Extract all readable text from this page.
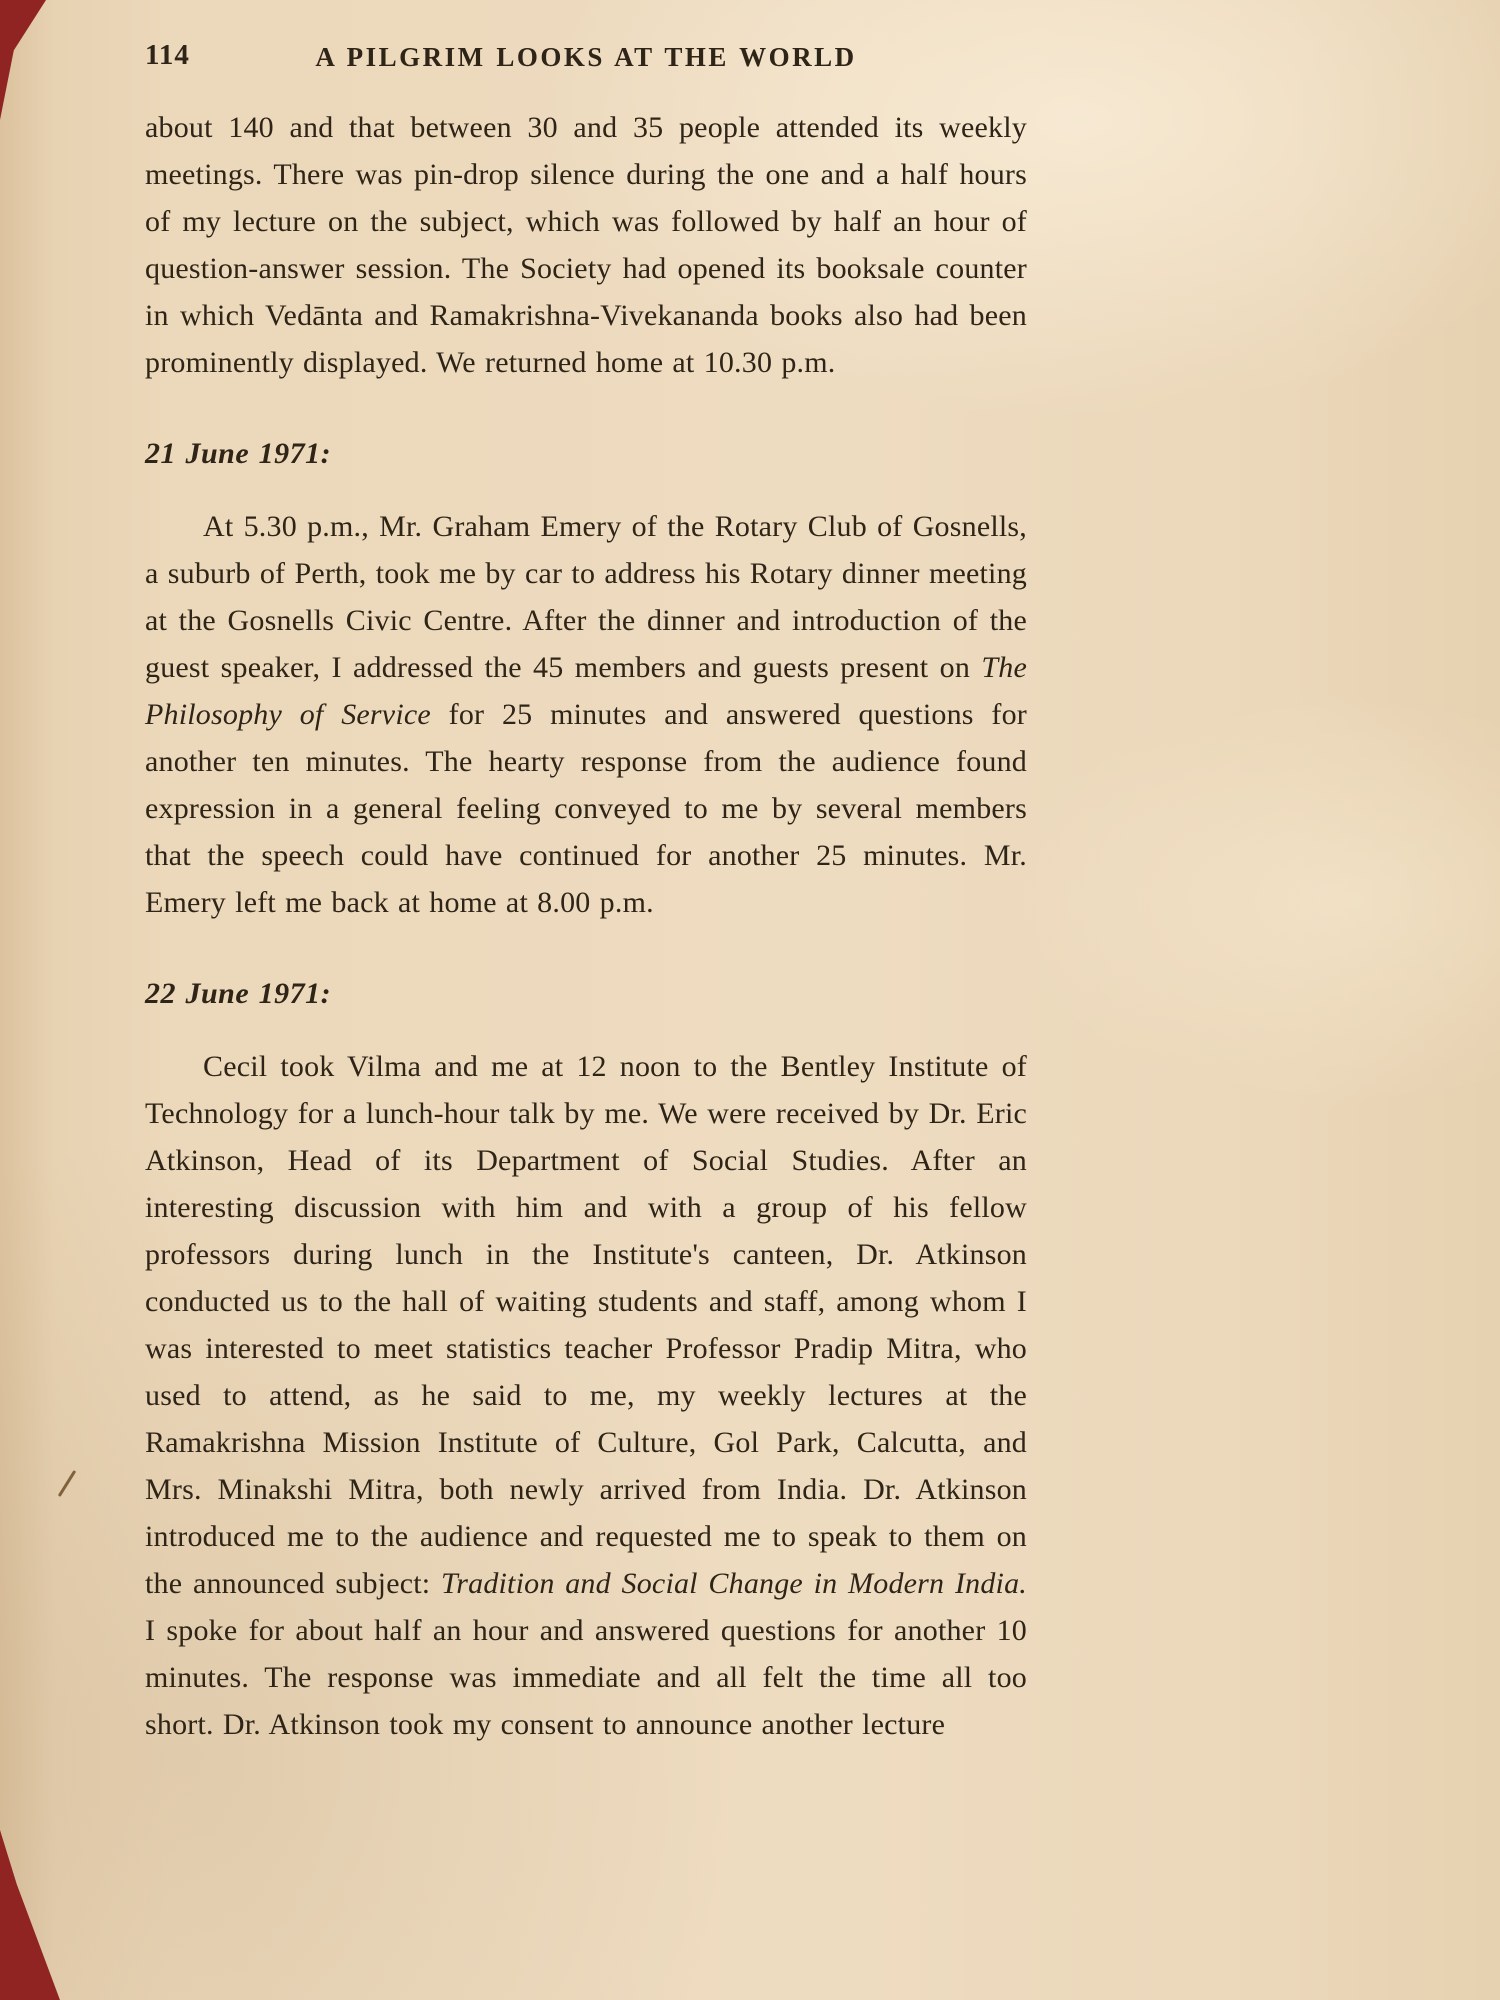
114	A PILGRIM LOOKS AT THE WORLD

about 140 and that between 30 and 35 people attended its weekly meetings. There was pin-drop silence during the one and a half hours of my lecture on the subject, which was followed by half an hour of question-answer session. The Society had opened its booksale counter in which Vedānta and Ramakrishna-Vivekananda books also had been prominently displayed. We returned home at 10.30 p.m.

21 June 1971:

At 5.30 p.m., Mr. Graham Emery of the Rotary Club of Gosnells, a suburb of Perth, took me by car to address his Rotary dinner meeting at the Gosnells Civic Centre. After the dinner and introduction of the guest speaker, I addressed the 45 members and guests present on The Philosophy of Service for 25 minutes and answered questions for another ten minutes. The hearty response from the audience found expression in a general feeling conveyed to me by several members that the speech could have continued for another 25 minutes. Mr. Emery left me back at home at 8.00 p.m.

22 June 1971:

Cecil took Vilma and me at 12 noon to the Bentley Institute of Technology for a lunch-hour talk by me. We were received by Dr. Eric Atkinson, Head of its Department of Social Studies. After an interesting discussion with him and with a group of his fellow professors during lunch in the Institute's canteen, Dr. Atkinson conducted us to the hall of waiting students and staff, among whom I was interested to meet statistics teacher Professor Pradip Mitra, who used to attend, as he said to me, my weekly lectures at the Ramakrishna Mission Institute of Culture, Gol Park, Calcutta, and Mrs. Minakshi Mitra, both newly arrived from India. Dr. Atkinson introduced me to the audience and requested me to speak to them on the announced subject: Tradition and Social Change in Modern India. I spoke for about half an hour and answered questions for another 10 minutes. The response was immediate and all felt the time all too short. Dr. Atkinson took my consent to announce another lecture
